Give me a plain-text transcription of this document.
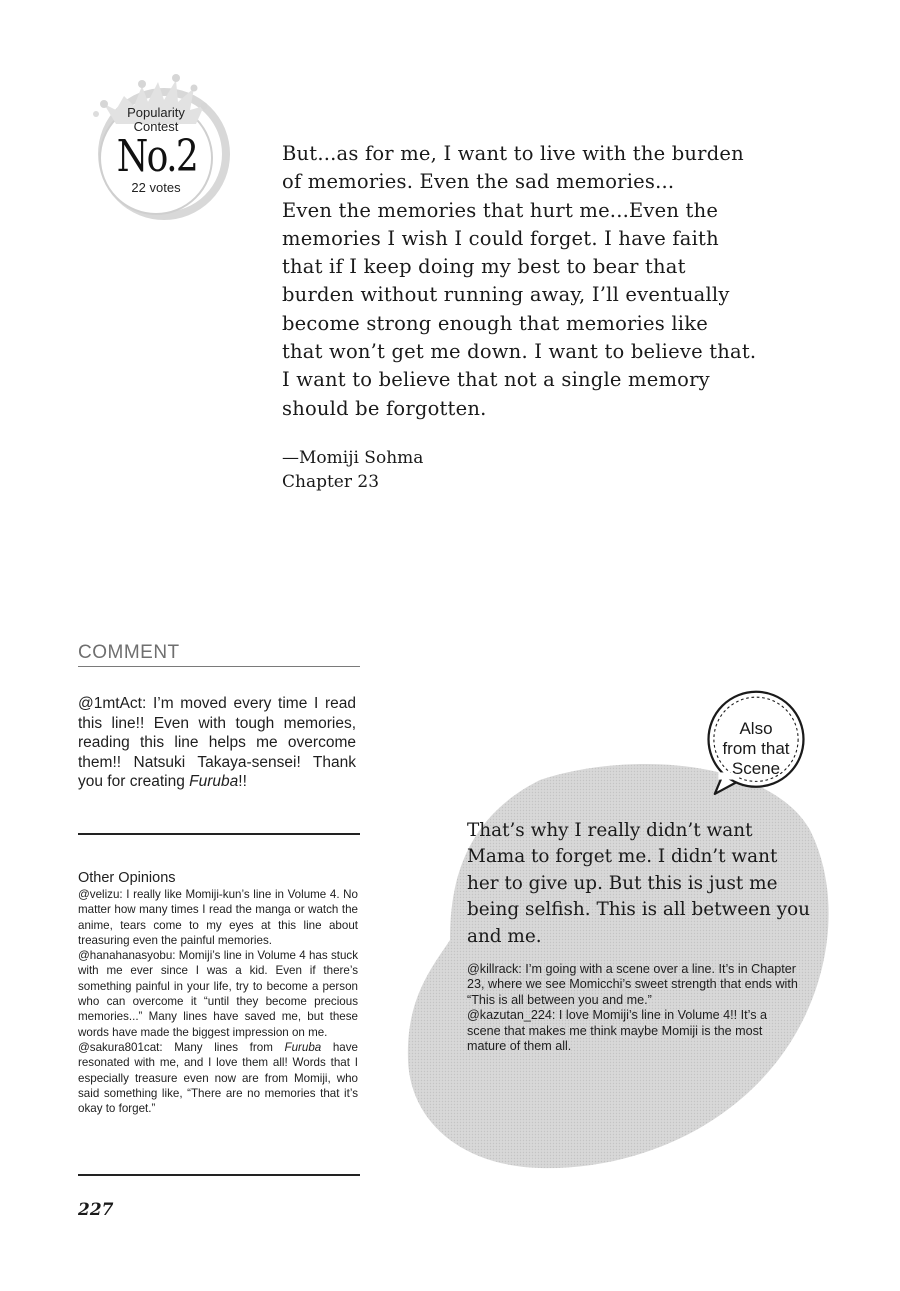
Popularity Contest
No.2
22 votes

But...as for me, I want to live with the burden

of memories. Even the sad memories...

Even the memories that hurt me...Even the

memories I wish I could forget. I have faith

that if I keep doing my best to bear that

burden without running away, I’ll eventually

become strong enough that memories like

that won’t get me down. I want to believe that.

I want to believe that not a single memory

should be forgotten.

—Momiji Sohma
Chapter 23
COMMENT
@1mtAct: I’m moved every time I read this line!! Even with tough memories, reading this line helps me overcome them!! Natsuki Takaya-sensei! Thank you for creating Furuba!!
Other Opinions
@velizu: I really like Momiji-kun’s line in Volume 4. No matter how many times I read the manga or watch the anime, tears come to my eyes at this line about treasuring even the painful memories.
@hanahanasyobu: Momiji’s line in Volume 4 has stuck with me ever since I was a kid. Even if there’s something painful in your life, try to become a person who can overcome it “until they become precious memories...” Many lines have saved me, but these words have made the biggest impression on me.
@sakura801cat: Many lines from Furuba have resonated with me, and I love them all! Words that I especially treasure even now are from Momiji, who said something like, “There are no memories that it’s okay to forget.”
227
Also
from that
Scene
That’s why I really didn’t want Mama to forget me. I didn’t want her to give up. But this is just me being selfish. This is all between you and me.
@killrack: I’m going with a scene over a line. It’s in Chapter 23, where we see Momicchi’s sweet strength that ends with “This is all between you and me.”
@kazutan_224: I love Momiji’s line in Volume 4!! It’s a scene that makes me think maybe Momiji is the most mature of them all.
